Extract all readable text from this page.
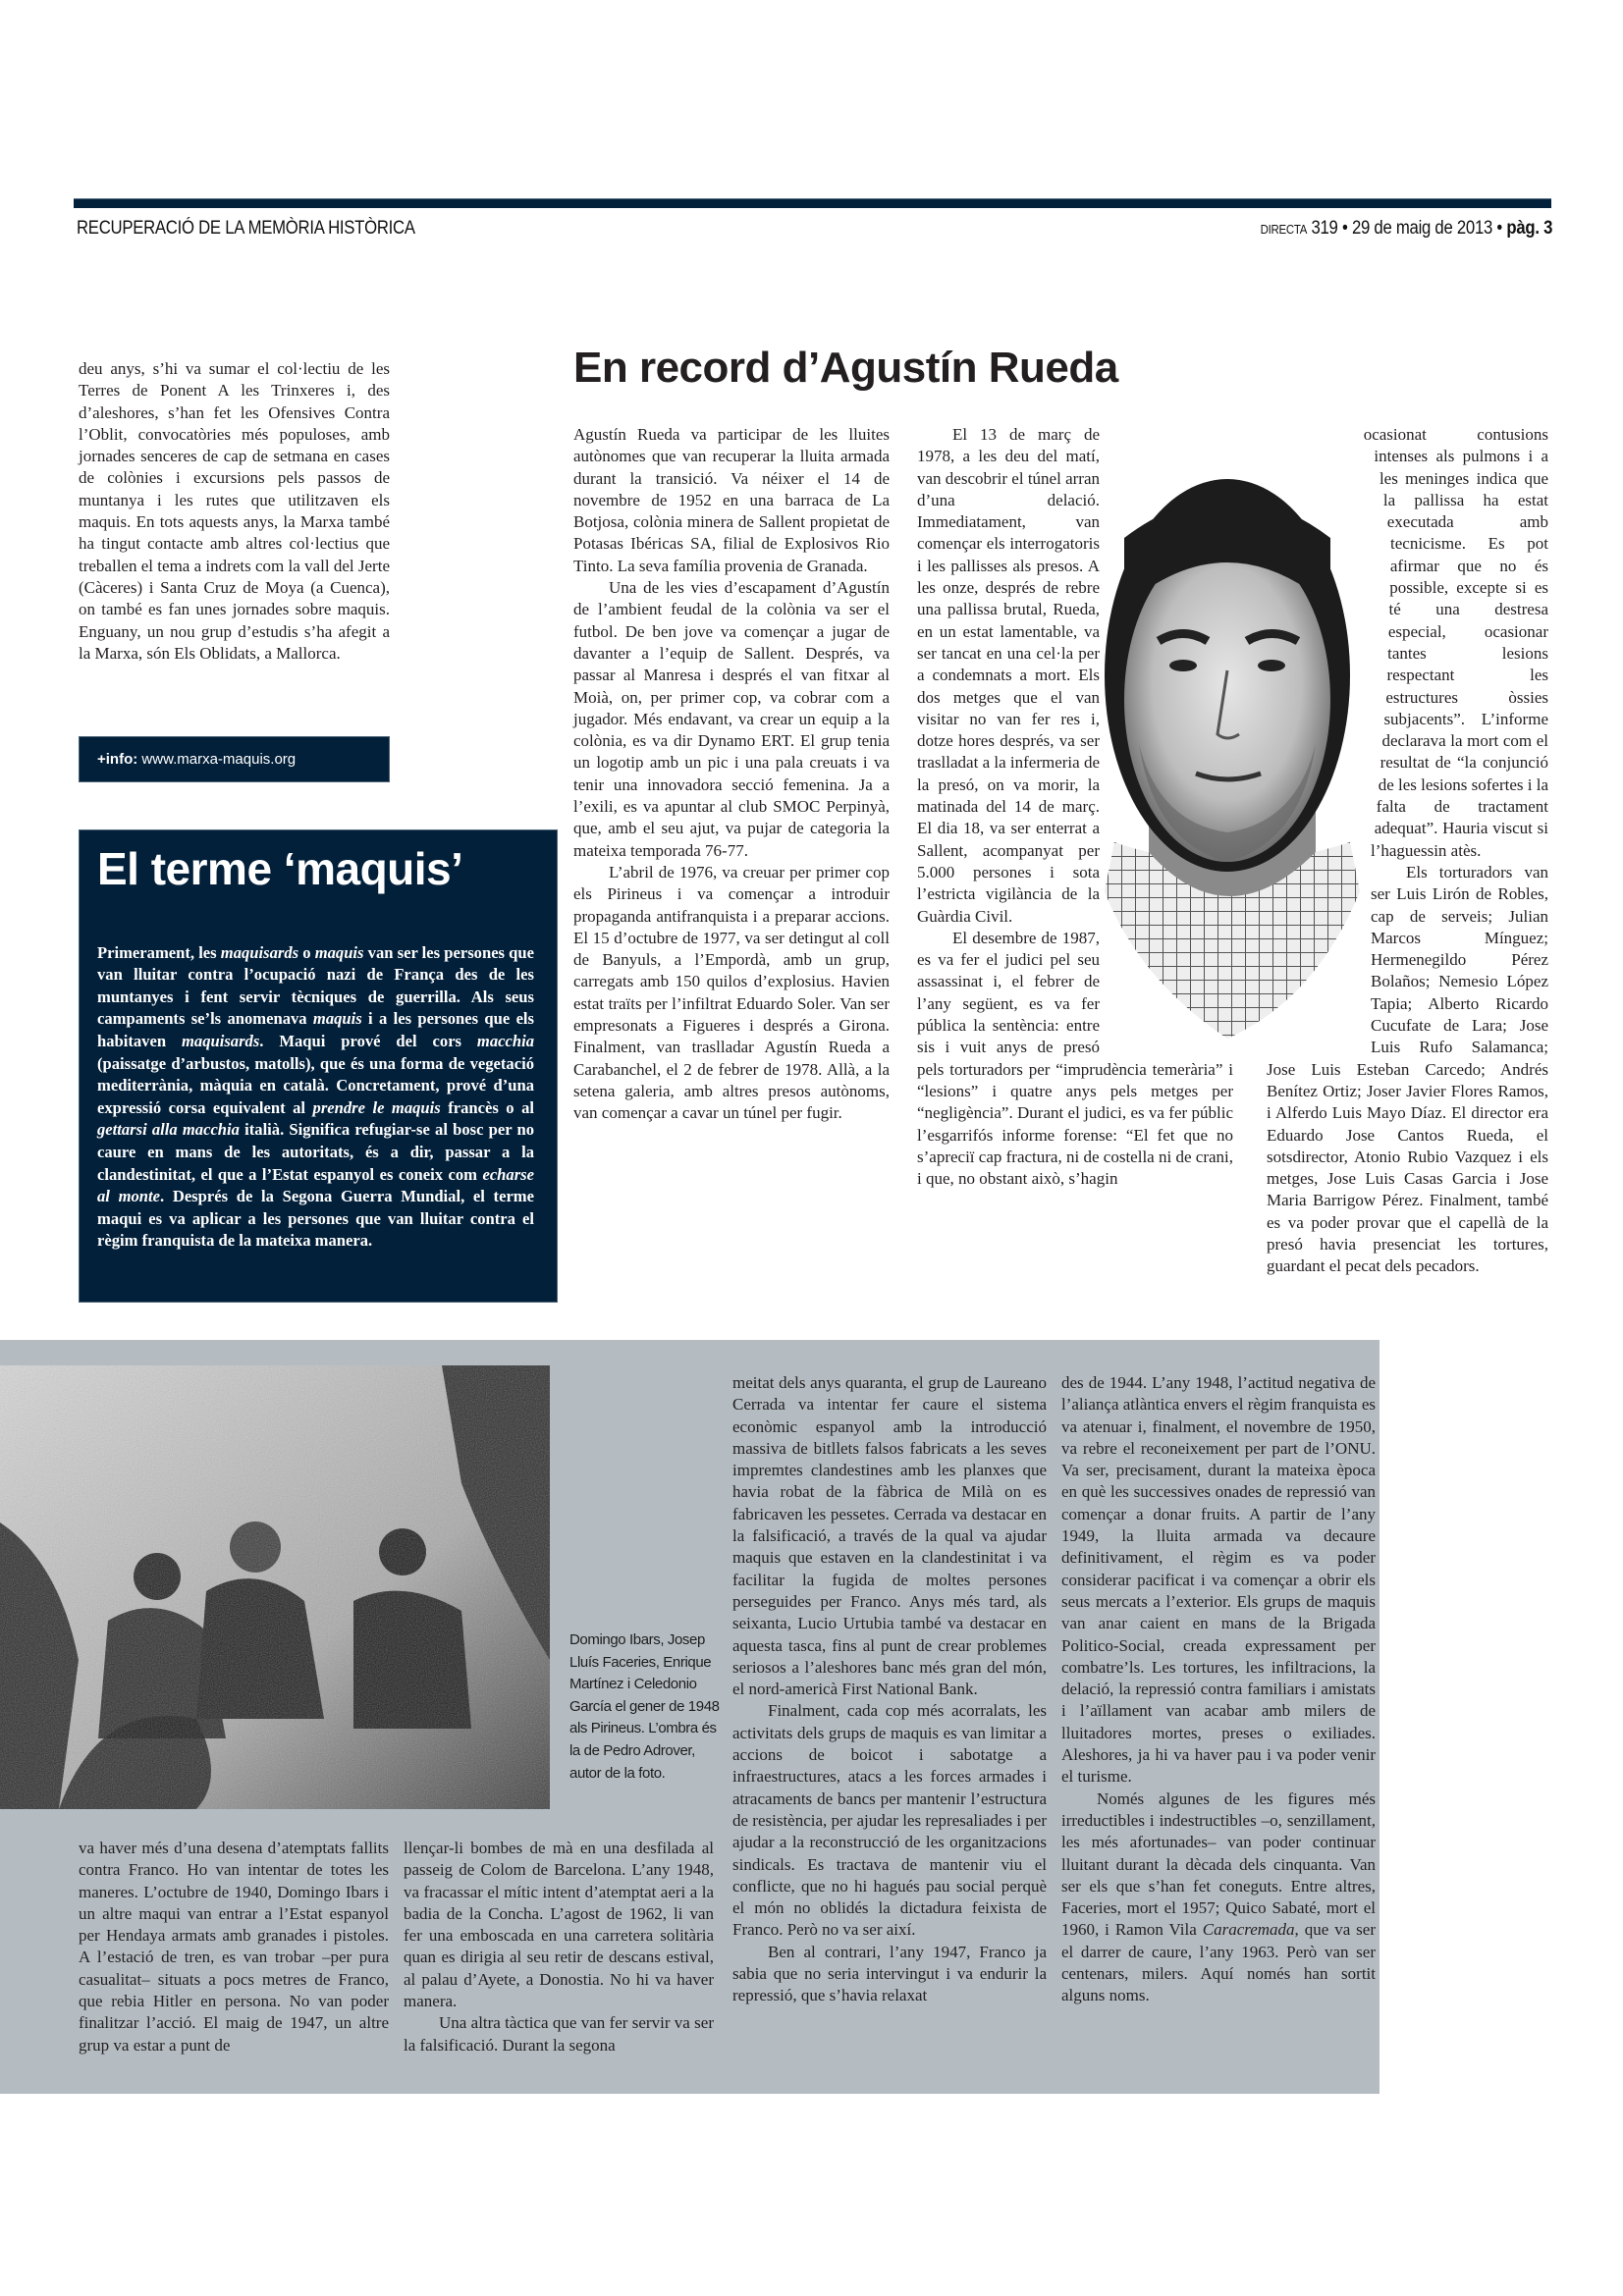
RECUPERACIÓ DE LA MEMÒRIA HISTÒRICA	DIRECTA 319 • 29 de maig de 2013 • pàg. 3

deu anys, s’hi va sumar el col·lectiu de les Terres de Ponent A les Trinxeres i, des d’aleshores, s’han fet les Ofensives Contra l’Oblit, convocatòries més populoses, amb jornades senceres de cap de setmana en cases de colònies i excursions pels passos de muntanya i les rutes que utilitzaven els maquis. En tots aquests anys, la Marxa també ha tingut contacte amb altres col·lectius que treballen el tema a indrets com la vall del Jerte (Càceres) i Santa Cruz de Moya (a Cuenca), on també es fan unes jornades sobre maquis. Enguany, un nou grup d’estudis s’ha afegit a la Marxa, són Els Oblidats, a Mallorca.

+info: www.marxa-maquis.org
El terme ‘maquis’

Primerament, les maquisards o maquis van ser les persones que van lluitar contra l’ocupació nazi de França des de les muntanyes i fent servir tècniques de guerrilla. Als seus campaments se’ls anomenava maquis i a les persones que els habitaven maquisards. Maqui prové del cors macchia (paissatge d’arbustos, matolls), que és una forma de vegetació mediterrània, màquia en català. Concretament, prové d’una expressió corsa equivalent al prendre le maquis francès o al gettarsi alla macchia italià. Significa refugiar-se al bosc per no caure en mans de les autoritats, és a dir, passar a la clandestinitat, el que a l’Estat espanyol es coneix com echarse al monte. Després de la Segona Guerra Mundial, el terme maqui es va aplicar a les persones que van lluitar contra el règim franquista de la mateixa manera.

En record d’Agustín Rueda

Agustín Rueda va participar de les lluites autònomes que van recuperar la lluita armada durant la transició. Va néixer el 14 de novembre de 1952 en una barraca de La Botjosa, colònia minera de Sallent propietat de Potasas Ibéricas SA, filial de Explosivos Rio Tinto. La seva família provenia de Granada.

Una de les vies d’escapament d’Agustín de l’ambient feudal de la colònia va ser el futbol. De ben jove va començar a jugar de davanter a l’equip de Sallent. Després, va passar al Manresa i després el van fitxar al Moià, on, per primer cop, va cobrar com a jugador. Més endavant, va crear un equip a la colònia, es va dir Dynamo ERT. El grup tenia un logotip amb un pic i una pala creuats i va tenir una innovadora secció femenina. Ja a l’exili, es va apuntar al club SMOC Perpinyà, que, amb el seu ajut, va pujar de categoria la mateixa temporada 76-77.

L’abril de 1976, va creuar per primer cop els Pirineus i va començar a introduir propaganda antifranquista i a preparar accions. El 15 d’octubre de 1977, va ser detingut al coll de Banyuls, a l’Empordà, amb un grup, carregats amb 150 quilos d’explosius. Havien estat traïts per l’infiltrat Eduardo Soler. Van ser empresonats a Figueres i després a Girona. Finalment, van traslladar Agustín Rueda a Carabanchel, el 2 de febrer de 1978. Allà, a la setena galeria, amb altres presos autònoms, van començar a cavar un túnel per fugir.

El 13 de març de 1978, a les deu del matí, van descobrir el túnel arran d’una delació. Immediatament, van començar els interrogatoris i les pallisses als presos. A les onze, després de rebre una pallissa brutal, Rueda, en un estat lamentable, va ser tancat en una cel·la per a condemnats a mort. Els dos metges que el van visitar no van fer res i, dotze hores després, va ser traslladat a la infermeria de la presó, on va morir, la matinada del 14 de març. El dia 18, va ser enterrat a Sallent, acompanyat per 5.000 persones i sota l’estricta vigilància de la Guàrdia Civil.

El desembre de 1987, es va fer el judici pel seu assassinat i, el febrer de l’any següent, es va fer pública la sentència: entre sis i vuit anys de presó pels torturadors per “imprudència temerària” i “lesions” i quatre anys pels metges per “negligència”. Durant el judici, es va fer públic l’esgarrifós informe forense: “El fet que no s’apreciï cap fractura, ni de costella ni de crani, i que, no obstant això, s’hagin

ocasionat contusions intenses als pulmons i a les meninges indica que la pallissa ha estat executada amb tecnicisme. Es pot afirmar que no és possible, excepte si es té una destresa especial, ocasionar tantes lesions respectant les estructures òssies subjacents”. L’informe declarava la mort com el resultat de “la conjunció de les lesions sofertes i la falta de tractament adequat”. Hauria viscut si l’haguessin atès.

Els torturadors van ser Luis Lirón de Robles, cap de serveis; Julian Marcos Mínguez; Hermenegildo Pérez Bolaños; Nemesio López Tapia; Alberto Ricardo Cucufate de Lara; Jose Luis Rufo Salamanca; Jose Luis Esteban Carcedo; Andrés Benítez Ortiz; Joser Javier Flores Ramos, i Alferdo Luis Mayo Díaz. El director era Eduardo Jose Cantos Rueda, el sotsdirector, Atonio Rubio Vazquez i els metges, Jose Luis Casas Garcia i Jose Maria Barrigow Pérez. Finalment, també es va poder provar que el capellà de la presó havia presenciat les tortures, guardant el pecat dels pecadors.

Domingo Ibars, Josep Lluís Faceries, Enrique Martínez i Celedonio García el gener de 1948 als Pirineus. L’ombra és la de Pedro Adrover, autor de la foto.

va haver més d’una desena d’atemptats fallits contra Franco. Ho van intentar de totes les maneres. L’octubre de 1940, Domingo Ibars i un altre maqui van entrar a l’Estat espanyol per Hendaya armats amb granades i pistoles. A l’estació de tren, es van trobar –per pura casualitat– situats a pocs metres de Franco, que rebia Hitler en persona. No van poder finalitzar l’acció. El maig de 1947, un altre grup va estar a punt de

llençar-li bombes de mà en una desfilada al passeig de Colom de Barcelona. L’any 1948, va fracassar el mític intent d’atemptat aeri a la badia de la Concha. L’agost de 1962, li van fer una emboscada en una carretera solitària quan es dirigia al seu retir de descans estival, al palau d’Ayete, a Donostia. No hi va haver manera.

Una altra tàctica que van fer servir va ser la falsificació. Durant la segona

meitat dels anys quaranta, el grup de Laureano Cerrada va intentar fer caure el sistema econòmic espanyol amb la introducció massiva de bitllets falsos fabricats a les seves impremtes clandestines amb les planxes que havia robat de la fàbrica de Milà on es fabricaven les pessetes. Cerrada va destacar en la falsificació, a través de la qual va ajudar maquis que estaven en la clandestinitat i va facilitar la fugida de moltes persones perseguides per Franco. Anys més tard, als seixanta, Lucio Urtubia també va destacar en aquesta tasca, fins al punt de crear problemes seriosos a l’aleshores banc més gran del món, el nord-americà First National Bank.

Finalment, cada cop més acorralats, les activitats dels grups de maquis es van limitar a accions de boicot i sabotatge a infraestructures, atacs a les forces armades i atracaments de bancs per mantenir l’estructura de resistència, per ajudar les represaliades i per ajudar a la reconstrucció de les organitzacions sindicals. Es tractava de mantenir viu el conflicte, que no hi hagués pau social perquè el món no oblidés la dictadura feixista de Franco. Però no va ser així.

Ben al contrari, l’any 1947, Franco ja sabia que no seria intervingut i va endurir la repressió, que s’havia relaxat

des de 1944. L’any 1948, l’actitud negativa de l’aliança atlàntica envers el règim franquista es va atenuar i, finalment, el novembre de 1950, va rebre el reconeixement per part de l’ONU. Va ser, precisament, durant la mateixa època en què les successives onades de repressió van començar a donar fruits. A partir de l’any 1949, la lluita armada va decaure definitivament, el règim es va poder considerar pacificat i va començar a obrir els seus mercats a l’exterior. Els grups de maquis van anar caient en mans de la Brigada Politico-Social, creada expressament per combatre’ls. Les tortures, les infiltracions, la delació, la repressió contra familiars i amistats i l’aïllament van acabar amb milers de lluitadores mortes, preses o exiliades. Aleshores, ja hi va haver pau i va poder venir el turisme.

Només algunes de les figures més irreductibles i indestructibles –o, senzillament, les més afortunades– van poder continuar lluitant durant la dècada dels cinquanta. Van ser els que s’han fet coneguts. Entre altres, Faceries, mort el 1957; Quico Sabaté, mort el 1960, i Ramon Vila Caracremada, que va ser el darrer de caure, l’any 1963. Però van ser centenars, milers. Aquí només han sortit alguns noms.
